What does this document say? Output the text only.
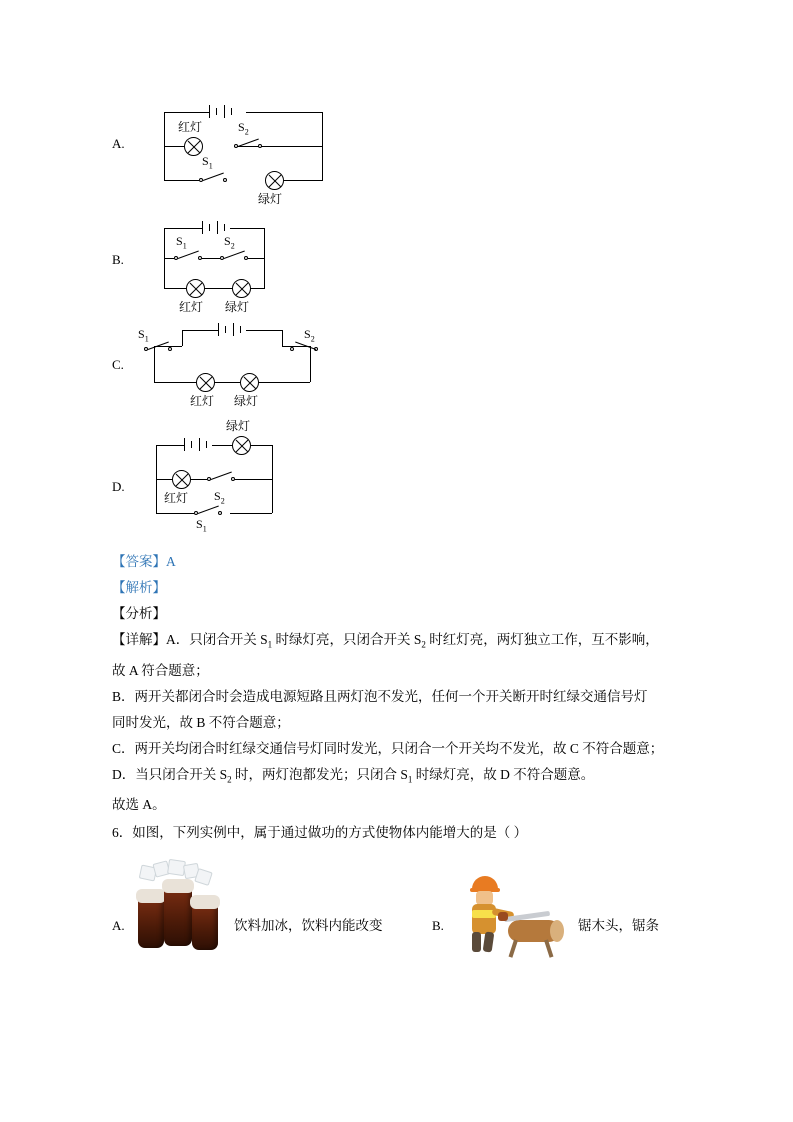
A.
红灯	$S_2$
$S_1$
绿灯
B.
$S_1$	$S_2$
红灯 绿灯
C.
$S_1$	$S_2$
红灯 绿灯
D.
绿灯
红灯 $S_2$
$S_1$
【答案】A
【解析】
【分析】
【详解】A．只闭合开关 $S_1$ 时绿灯亮，只闭合开关 $S_2$ 时红灯亮，两灯独立工作，互不影响，
故 A 符合题意；
B．两开关都闭合时会造成电源短路且两灯泡不发光，任何一个开关断开时红绿交通信号灯
同时发光，故 B 不符合题意；
C．两开关均闭合时红绿交通信号灯同时发光，只闭合一个开关均不发光，故 C 不符合题意；
D．当只闭合开关 $S_2$ 时，两灯泡都发光；只闭合 $S_1$ 时绿灯亮，故 D 不符合题意。
故选 A。
6．如图，下列实例中，属于通过做功的方式使物体内能增大的是（ ）
A.	饮料加冰，饮料内能改变	B.	锯木头，锯条
